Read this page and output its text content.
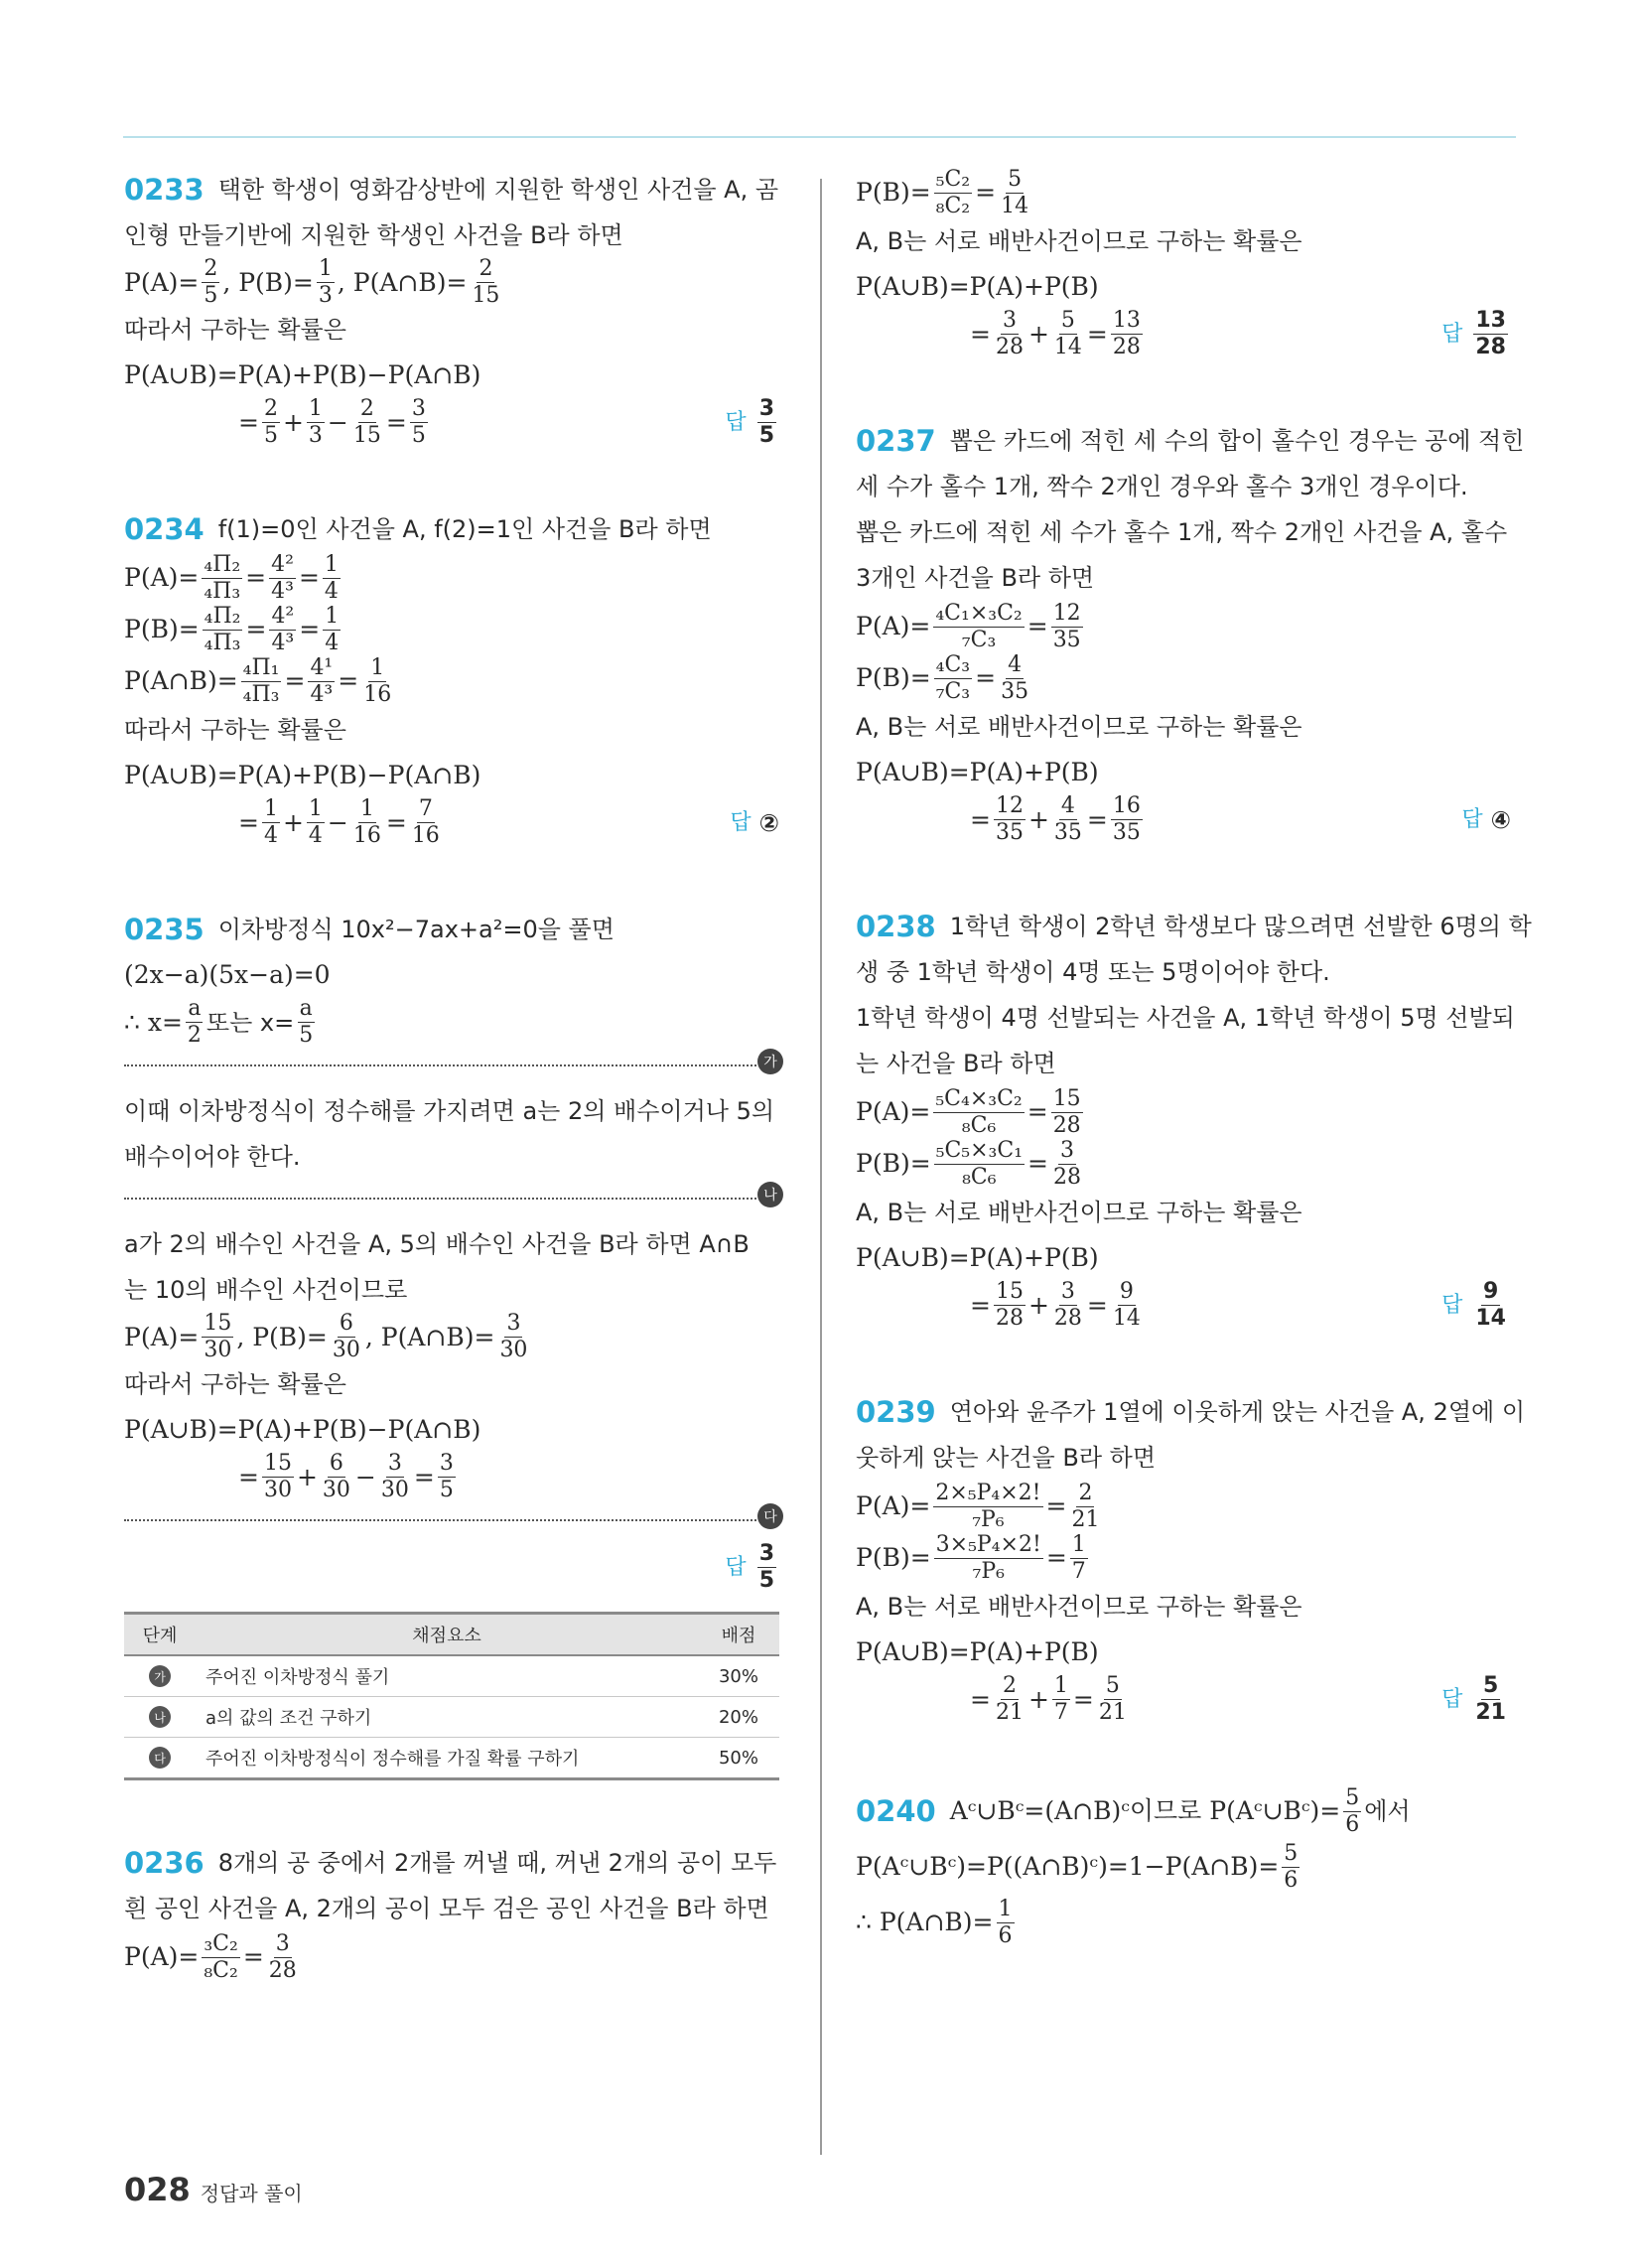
0233 택한 학생이 영화감상반에 지원한 학생인 사건을 A, 곰
인형 만들기반에 지원한 학생인 사건을 B라 하면
$P(A)= \frac{2}{5}$ , $P(B)= \frac{1}{3}$ , P(A∩B)= $\frac{2}{15}$
따라서 구하는 확률은
P(A∪B)=P(A)+P(B)−P(A∩B)
= $\frac{2}{5} + \frac{1}{3} - \frac{2}{15} = \frac{3}{5}$	답 $\frac{3}{5}$
0234 f(1)=0인 사건을 A, f(2)=1인 사건을 B라 하면
$P(A)= \frac{\text{₄Π₂}}{\text{₄Π₃}} = \frac{\text{4²}}{\text{4³}} = \frac{1}{4}$
$P(B)= \frac{\text{₄Π₂}}{\text{₄Π₃}} = \frac{\text{4²}}{\text{4³}} = \frac{1}{4}$
P(A∩B)= $\frac{\text{₄Π₁}}{\text{₄Π₃}} = \frac{\text{4¹}}{\text{4³}} = \frac{1}{16}$
따라서 구하는 확률은
P(A∪B)=P(A)+P(B)−P(A∩B)
= $\frac{1}{4} + \frac{1}{4} - \frac{1}{16} = \frac{7}{16}$	답 ②
0235 이차방정식 10x²−7ax+a²=0을 풀면
(2x−a)(5x−a)=0
∴ $x= \frac{a}{2}$ 또는 $x= \frac{a}{5}$
가
이때 이차방정식이 정수해를 가지려면 a는 2의 배수이거나 5의
배수이어야 한다.
나
a가 2의 배수인 사건을 A, 5의 배수인 사건을 B라 하면 A∩B
는 10의 배수인 사건이므로
$P(A)= \frac{15}{30}$ , $P(B)= \frac{6}{30}$ , P(A∩B)= $\frac{3}{30}$
따라서 구하는 확률은
P(A∪B)=P(A)+P(B)−P(A∩B)
= $\frac{15}{30} + \frac{6}{30} - \frac{3}{30} = \frac{3}{5}$
다
답 $\frac{3}{5}$
단계	채점요소	배점
가	주어진 이차방정식 풀기	30%
나	a의 값의 조건 구하기	20%
다	주어진 이차방정식이 정수해를 가질 확률 구하기	50%
0236 8개의 공 중에서 2개를 꺼낼 때, 꺼낸 2개의 공이 모두
흰 공인 사건을 A, 2개의 공이 모두 검은 공인 사건을 B라 하면
$P(A)= \frac{\text{₃C₂}}{\text{₈C₂}} = \frac{3}{28}$
$P(B)= \frac{\text{₅C₂}}{\text{₈C₂}} = \frac{5}{14}$
A, B는 서로 배반사건이므로 구하는 확률은
P(A∪B)=P(A)+P(B)
= $\frac{3}{28} + \frac{5}{14} = \frac{13}{28}$	답 $\frac{13}{28}$
0237 뽑은 카드에 적힌 세 수의 합이 홀수인 경우는 공에 적힌
세 수가 홀수 1개, 짝수 2개인 경우와 홀수 3개인 경우이다.
뽑은 카드에 적힌 세 수가 홀수 1개, 짝수 2개인 사건을 A, 홀수
3개인 사건을 B라 하면
$P(A)= \frac{\text{₄C₁×₃C₂}}{\text{₇C₃}} = \frac{12}{35}$
$P(B)= \frac{\text{₄C₃}}{\text{₇C₃}} = \frac{4}{35}$
A, B는 서로 배반사건이므로 구하는 확률은
P(A∪B)=P(A)+P(B)
= $\frac{12}{35} + \frac{4}{35} = \frac{16}{35}$	답 ④
0238 1학년 학생이 2학년 학생보다 많으려면 선발한 6명의 학
생 중 1학년 학생이 4명 또는 5명이어야 한다.
1학년 학생이 4명 선발되는 사건을 A, 1학년 학생이 5명 선발되
는 사건을 B라 하면
$P(A)= \frac{\text{₅C₄×₃C₂}}{\text{₈C₆}} = \frac{15}{28}$
$P(B)= \frac{\text{₅C₅×₃C₁}}{\text{₈C₆}} = \frac{3}{28}$
A, B는 서로 배반사건이므로 구하는 확률은
P(A∪B)=P(A)+P(B)
= $\frac{15}{28} + \frac{3}{28} = \frac{9}{14}$	답 $\frac{9}{14}$
0239 연아와 윤주가 1열에 이웃하게 앉는 사건을 A, 2열에 이
웃하게 앉는 사건을 B라 하면
$P(A)= \frac{\text{2×₅P₄×2!}}{\text{₇P₆}} = \frac{2}{21}$
$P(B)= \frac{\text{3×₅P₄×2!}}{\text{₇P₆}} = \frac{1}{7}$
A, B는 서로 배반사건이므로 구하는 확률은
P(A∪B)=P(A)+P(B)
= $\frac{2}{21} + \frac{1}{7} = \frac{5}{21}$	답 $\frac{5}{21}$
0240 Aᶜ∪Bᶜ=(A∩B)ᶜ이므로 P(Aᶜ∪Bᶜ)= $\frac{5}{6}$ 에서
P(Aᶜ∪Bᶜ)=P((A∩B)ᶜ)=1−P(A∩B)= $\frac{5}{6}$
∴ P(A∩B)= $\frac{1}{6}$
028 정답과 풀이
